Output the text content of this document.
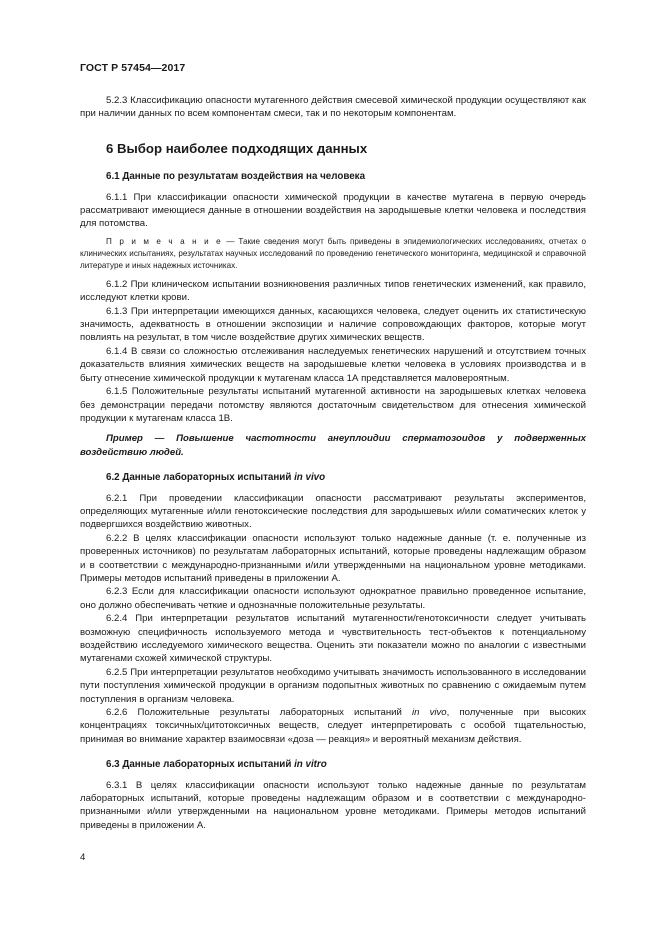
ГОСТ Р 57454—2017

5.2.3 Классификацию опасности мутагенного действия смесевой химической продукции осуществляют как при наличии данных по всем компонентам смеси, так и по некоторым компонентам.

6 Выбор наиболее подходящих данных
6.1 Данные по результатам воздействия на человека

6.1.1 При классификации опасности химической продукции в качестве мутагена в первую очередь рассматривают имеющиеся данные в отношении воздействия на зародышевые клетки человека и последствия для потомства.

П р и м е ч а н и е — Такие сведения могут быть приведены в эпидемиологических исследованиях, отчетах о клинических испытаниях, результатах научных исследований по проведению генетического мониторинга, медицинской и справочной литературе и иных надежных источниках.

6.1.2 При клиническом испытании возникновения различных типов генетических изменений, как правило, исследуют клетки крови.

6.1.3 При интерпретации имеющихся данных, касающихся человека, следует оценить их статистическую значимость, адекватность в отношении экспозиции и наличие сопровождающих факторов, которые могут повлиять на результат, в том числе воздействие других химических веществ.

6.1.4 В связи со сложностью отслеживания наследуемых генетических нарушений и отсутствием точных доказательств влияния химических веществ на зародышевые клетки человека в условиях производства и в быту отнесение химической продукции к мутагенам класса 1А представляется маловероятным.

6.1.5 Положительные результаты испытаний мутагенной активности на зародышевых клетках человека без демонстрации передачи потомству являются достаточным свидетельством для отнесения химической продукции к мутагенам класса 1В.

Пример — Повышение частотности анеуплоидии сперматозоидов у подверженных воздействию людей.

6.2 Данные лабораторных испытаний in vivo

6.2.1 При проведении классификации опасности рассматривают результаты экспериментов, определяющих мутагенные и/или генотоксические последствия для зародышевых и/или соматических клеток у подвергшихся воздействию животных.

6.2.2 В целях классификации опасности используют только надежные данные (т. е. полученные из проверенных источников) по результатам лабораторных испытаний, которые проведены надлежащим образом и в соответствии с международно-признанными и/или утвержденными на национальном уровне методиками. Примеры методов испытаний приведены в приложении А.

6.2.3 Если для классификации опасности используют однократное правильно проведенное испытание, оно должно обеспечивать четкие и однозначные положительные результаты.

6.2.4 При интерпретации результатов испытаний мутагенности/генотоксичности следует учитывать возможную специфичность используемого метода и чувствительность тест-объектов к потенциальному воздействию исследуемого химического вещества. Оценить эти показатели можно по аналогии с известными мутагенами схожей химической структуры.

6.2.5 При интерпретации результатов необходимо учитывать значимость использованного в исследовании пути поступления химической продукции в организм подопытных животных по сравнению с ожидаемым путем поступления в организм человека.

6.2.6 Положительные результаты лабораторных испытаний in vivo, полученные при высоких концентрациях токсичных/цитотоксичных веществ, следует интерпретировать с особой тщательностью, принимая во внимание характер взаимосвязи «доза — реакция» и вероятный механизм действия.

6.3 Данные лабораторных испытаний in vitro

6.3.1 В целях классификации опасности используют только надежные данные по результатам лабораторных испытаний, которые проведены надлежащим образом и в соответствии с международно-признанными и/или утвержденными на национальном уровне методиками. Примеры методов испытаний приведены в приложении А.

4
